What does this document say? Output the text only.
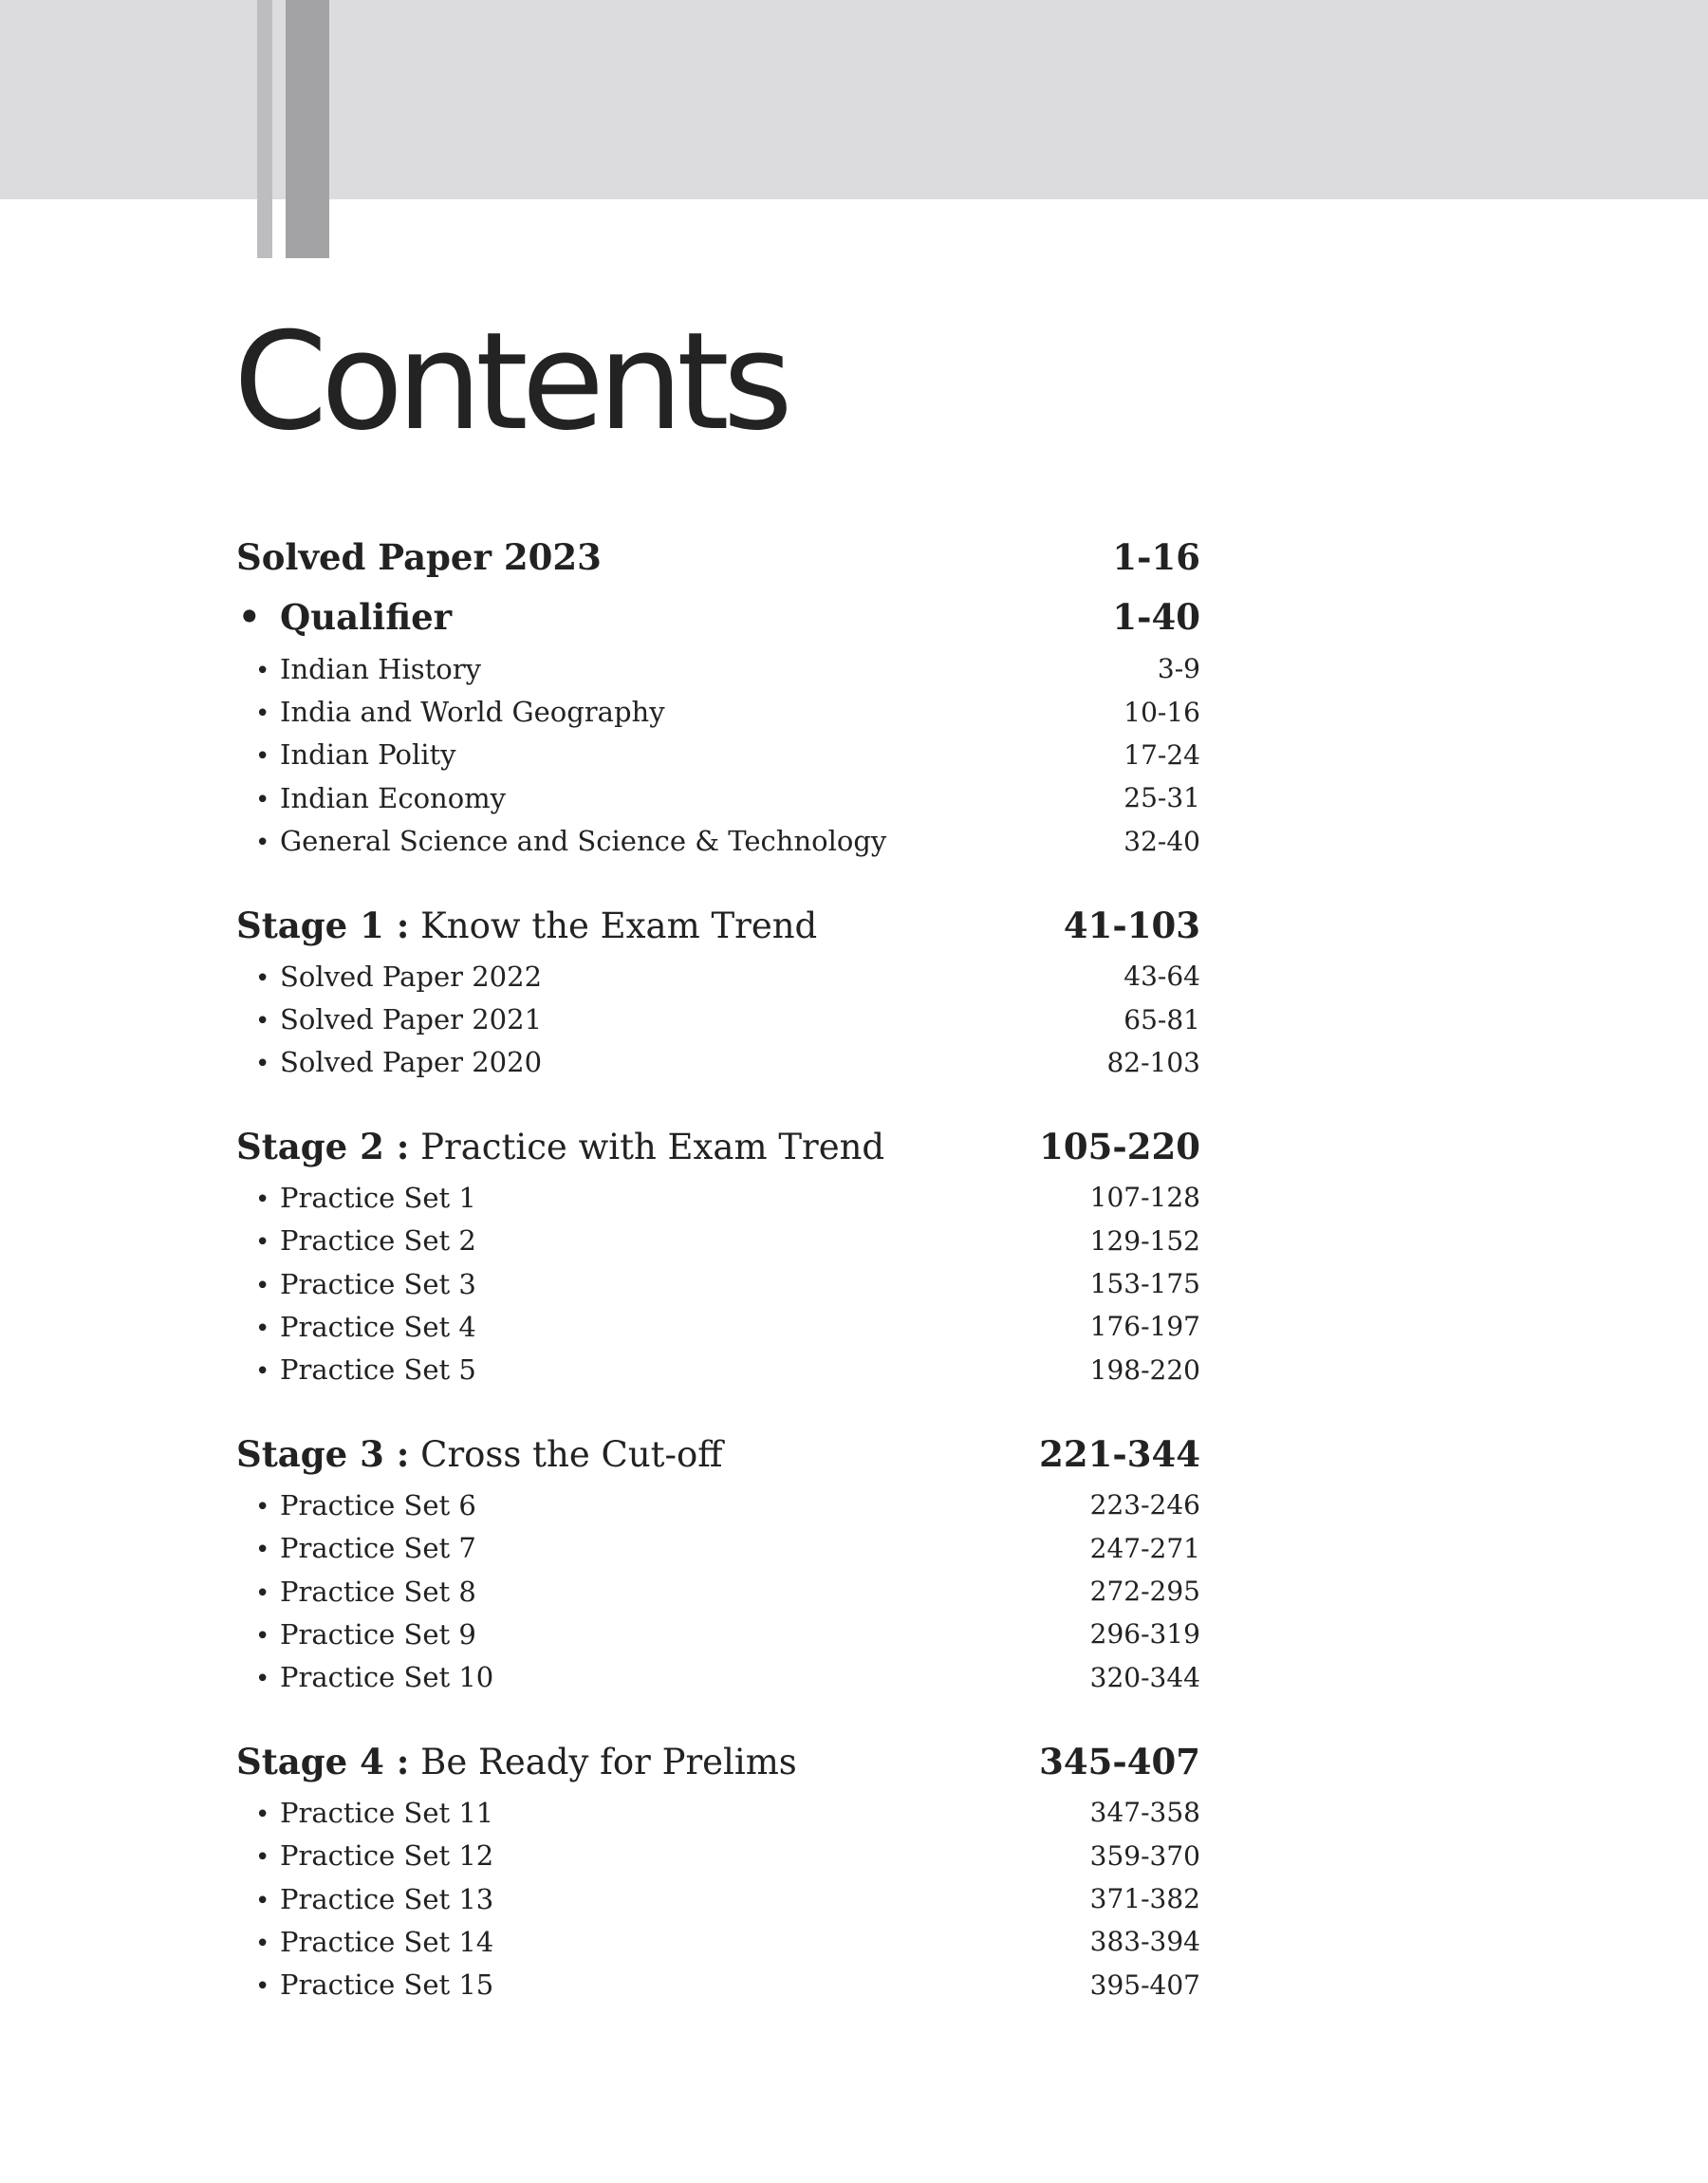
Contents
Solved Paper 2023	1-16
• Qualifier	1-40
• Indian History	3-9
• India and World Geography	10-16
• Indian Polity	17-24
• Indian Economy	25-31
• General Science and Science & Technology	32-40
Stage 1 : Know the Exam Trend	41-103
• Solved Paper 2022	43-64
• Solved Paper 2021	65-81
• Solved Paper 2020	82-103
Stage 2 : Practice with Exam Trend	105-220
• Practice Set 1	107-128
• Practice Set 2	129-152
• Practice Set 3	153-175
• Practice Set 4	176-197
• Practice Set 5	198-220
Stage 3 : Cross the Cut-off	221-344
• Practice Set 6	223-246
• Practice Set 7	247-271
• Practice Set 8	272-295
• Practice Set 9	296-319
• Practice Set 10	320-344
Stage 4 : Be Ready for Prelims	345-407
• Practice Set 11	347-358
• Practice Set 12	359-370
• Practice Set 13	371-382
• Practice Set 14	383-394
• Practice Set 15	395-407
